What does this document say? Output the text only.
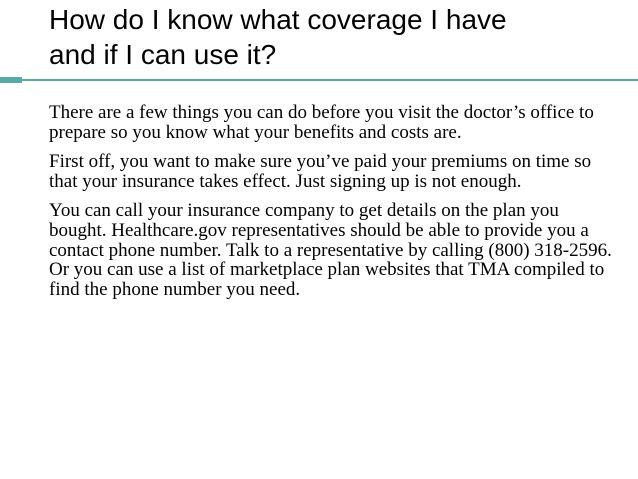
How do I know what coverage I have
and if I can use it?

There are a few things you can do before you visit the doctor’s office to prepare so you know what your benefits and costs are.

First off, you want to make sure you’ve paid your premiums on time so that your insurance takes effect. Just signing up is not enough.

You can call your insurance company to get details on the plan you bought. Healthcare.gov representatives should be able to provide you a contact phone number. Talk to a representative by calling (800) 318-2596. Or you can use a list of marketplace plan websites that TMA compiled to find the phone number you need.
